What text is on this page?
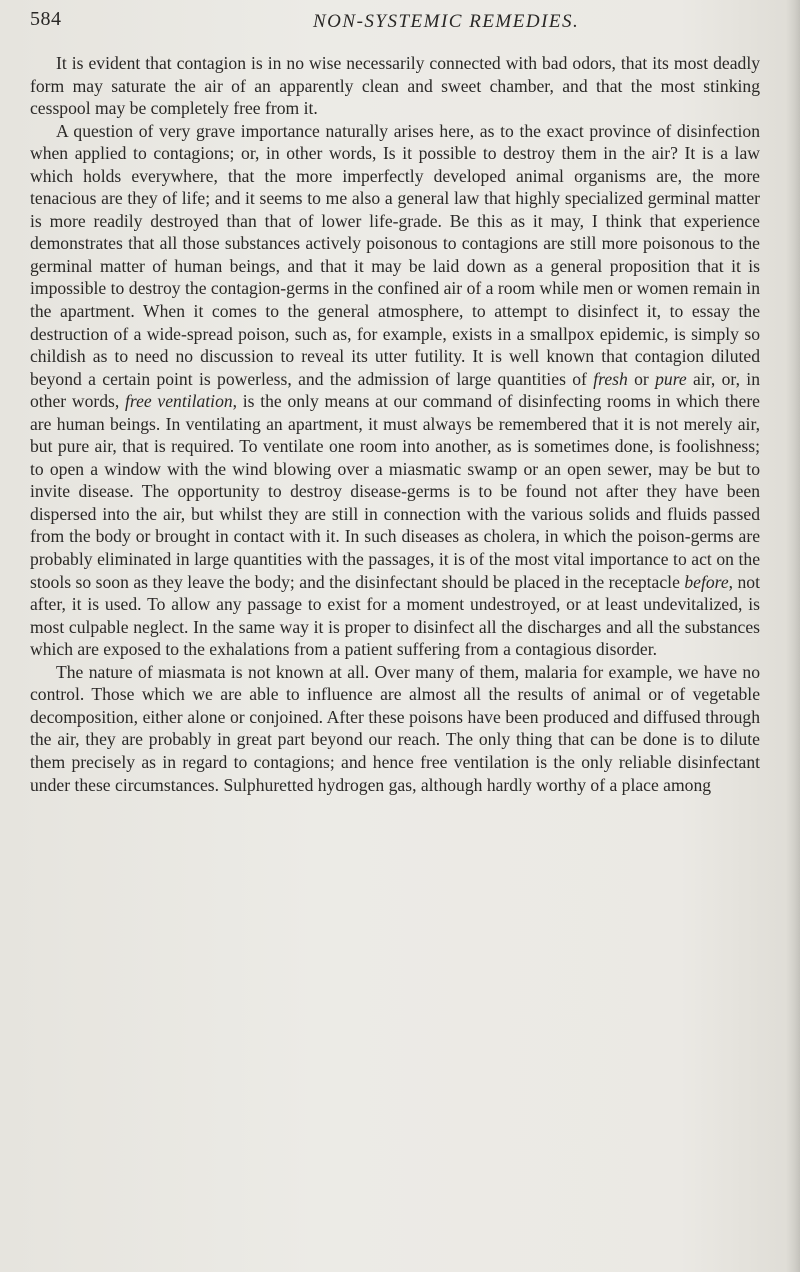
584	NON-SYSTEMIC REMEDIES.

It is evident that contagion is in no wise necessarily connected with bad odors, that its most deadly form may saturate the air of an apparently clean and sweet chamber, and that the most stinking cesspool may be completely free from it.

A question of very grave importance naturally arises here, as to the exact province of disinfection when applied to contagions; or, in other words, Is it possible to destroy them in the air? It is a law which holds everywhere, that the more imperfectly developed animal organisms are, the more tenacious are they of life; and it seems to me also a general law that highly specialized germinal matter is more readily destroyed than that of lower life-grade. Be this as it may, I think that experience demonstrates that all those substances actively poisonous to contagions are still more poisonous to the germinal matter of human beings, and that it may be laid down as a general proposition that it is impossible to destroy the contagion-germs in the confined air of a room while men or women remain in the apartment. When it comes to the general atmosphere, to attempt to disinfect it, to essay the destruction of a wide-spread poison, such as, for example, exists in a smallpox epidemic, is simply so childish as to need no discussion to reveal its utter futility. It is well known that contagion diluted beyond a certain point is powerless, and the admission of large quantities of fresh or pure air, or, in other words, free ventilation, is the only means at our command of disinfecting rooms in which there are human beings. In ventilating an apartment, it must always be remembered that it is not merely air, but pure air, that is required. To ventilate one room into another, as is sometimes done, is foolishness; to open a window with the wind blowing over a miasmatic swamp or an open sewer, may be but to invite disease. The opportunity to destroy disease-germs is to be found not after they have been dispersed into the air, but whilst they are still in connection with the various solids and fluids passed from the body or brought in contact with it. In such diseases as cholera, in which the poison-germs are probably eliminated in large quantities with the passages, it is of the most vital importance to act on the stools so soon as they leave the body; and the disinfectant should be placed in the receptacle before, not after, it is used. To allow any passage to exist for a moment undestroyed, or at least undevitalized, is most culpable neglect. In the same way it is proper to disinfect all the discharges and all the substances which are exposed to the exhalations from a patient suffering from a contagious disorder.

The nature of miasmata is not known at all. Over many of them, malaria for example, we have no control. Those which we are able to influence are almost all the results of animal or of vegetable decomposition, either alone or conjoined. After these poisons have been produced and diffused through the air, they are probably in great part beyond our reach. The only thing that can be done is to dilute them precisely as in regard to contagions; and hence free ventilation is the only reliable disinfectant under these circumstances. Sulphuretted hydrogen gas, although hardly worthy of a place among
